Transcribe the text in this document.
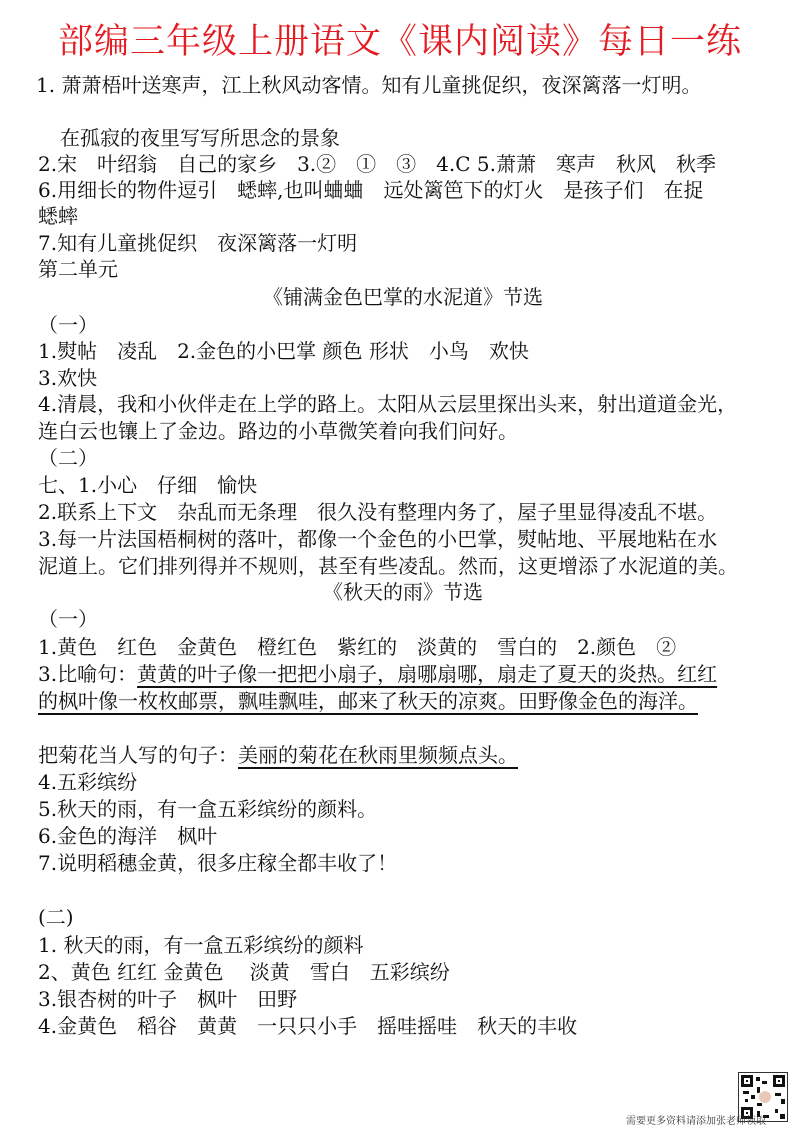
部编三年级上册语文《课内阅读》每日一练
1. 萧萧梧叶送寒声，江上秋风动客情。知有儿童挑促织，夜深篱落一灯明。
在孤寂的夜里写写所思念的景象
2.宋　叶绍翁　自己的家乡　3.②　①　③　4.C 5.萧萧　寒声　秋风　秋季
6.用细长的物件逗引　蟋蟀,也叫蛐蛐　远处篱笆下的灯火　是孩子们　在捉
蟋蟀
7.知有儿童挑促织　夜深篱落一灯明
第二单元
《铺满金色巴掌的水泥道》节选
（一）
1.熨帖　凌乱　2.金色的小巴掌 颜色 形状　小鸟　欢快
3.欢快
4.清晨，我和小伙伴走在上学的路上。太阳从云层里探出头来，射出道道金光，
连白云也镶上了金边。路边的小草微笑着向我们问好。
（二）
七、1.小心　仔细　愉快
2.联系上下文　杂乱而无条理　很久没有整理内务了，屋子里显得凌乱不堪。
3.每一片法国梧桐树的落叶，都像一个金色的小巴掌，熨帖地、平展地粘在水
泥道上。它们排列得并不规则，甚至有些凌乱。然而，这更增添了水泥道的美。
《秋天的雨》节选
（一）
1.黄色　红色　金黄色　橙红色　紫红的　淡黄的　雪白的　2.颜色　②
3.比喻句：黄黄的叶子像一把把小扇子，扇哪扇哪，扇走了夏天的炎热。红红
的枫叶像一枚枚邮票，飘哇飘哇，邮来了秋天的凉爽。田野像金色的海洋。
把菊花当人写的句子：美丽的菊花在秋雨里频频点头。
4.五彩缤纷
5.秋天的雨，有一盒五彩缤纷的颜料。
6.金色的海洋　枫叶
7.说明稻穗金黄，很多庄稼全都丰收了！
(二)
1. 秋天的雨，有一盒五彩缤纷的颜料
2、黄色 红红 金黄色　 淡黄　雪白　五彩缤纷
3.银杏树的叶子　枫叶　田野
4.金黄色　稻谷　黄黄　一只只小手　摇哇摇哇　秋天的丰收
需要更多资料请添加张老师领取
